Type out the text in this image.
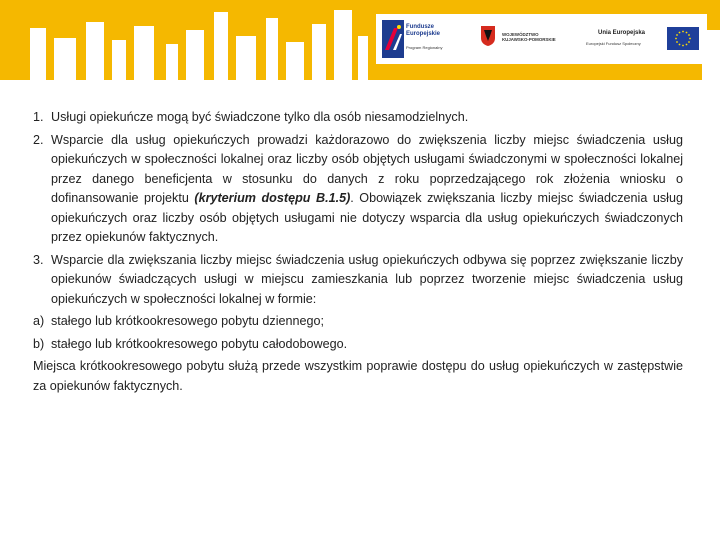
Fundusze
Europejskie
Program Regionalny
WOJEWÓDZTWO
KUJAWSKO-POMORSKIE
Unia Europejska
Europejski Fundusz Społeczny
1. Usługi opiekuńcze mogą być świadczone tylko dla osób niesamodzielnych.
2. Wsparcie dla usług opiekuńczych prowadzi każdorazowo do zwiększenia liczby miejsc świadczenia usług opiekuńczych w społeczności lokalnej oraz liczby osób objętych usługami świadczonymi w społeczności lokalnej przez danego beneficjenta w stosunku do danych z roku poprzedzającego rok złożenia wniosku o dofinansowanie projektu (kryterium dostępu B.1.5). Obowiązek zwiększania liczby miejsc świadczenia usług opiekuńczych oraz liczby osób objętych usługami nie dotyczy wsparcia dla usług opiekuńczych świadczonych przez opiekunów faktycznych.
3. Wsparcie dla zwiększania liczby miejsc świadczenia usług opiekuńczych odbywa się poprzez zwiększanie liczby opiekunów świadczących usługi w miejscu zamieszkania lub poprzez tworzenie miejsc świadczenia usług opiekuńczych w społeczności lokalnej w formie:
a) stałego lub krótkookresowego pobytu dziennego;
b) stałego lub krótkookresowego pobytu całodobowego.
Miejsca krótkookresowego pobytu służą przede wszystkim poprawie dostępu do usług opiekuńczych w zastępstwie za opiekunów faktycznych.
